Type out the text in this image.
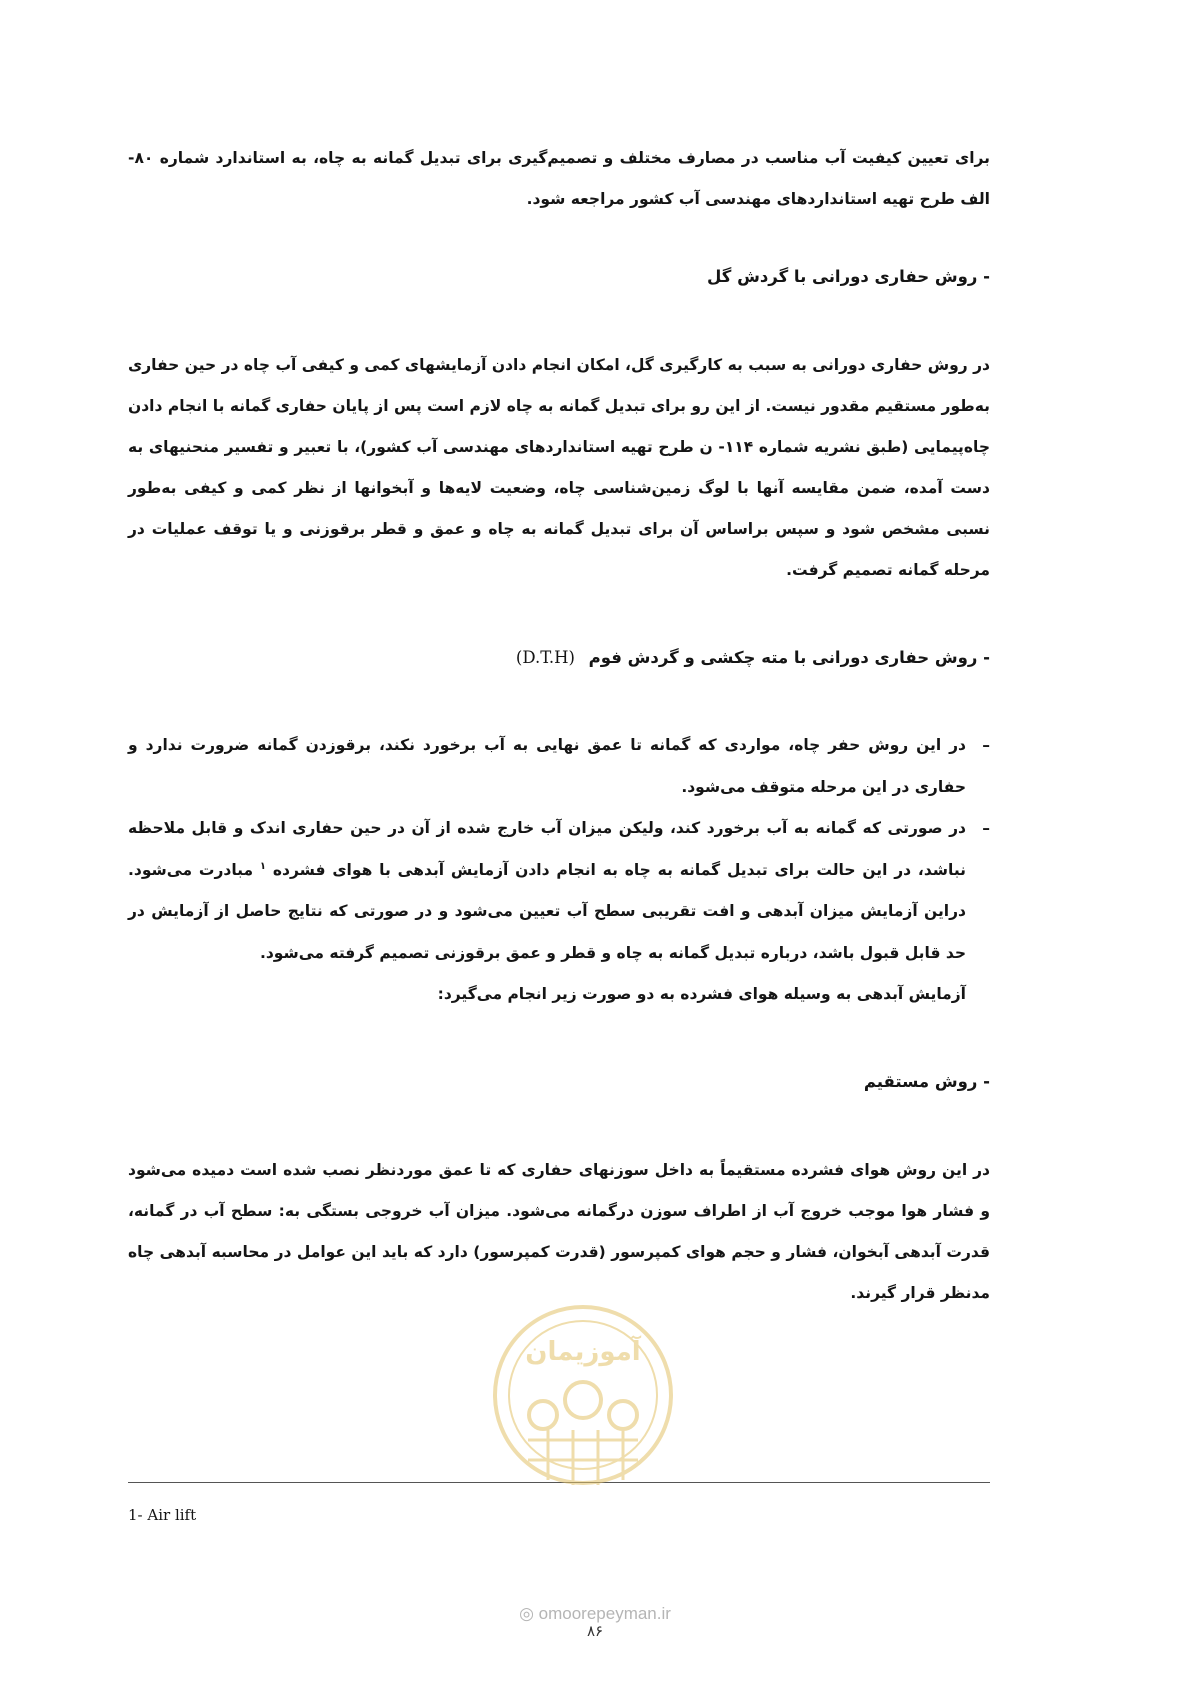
برای تعیین کیفیت آب مناسب در مصارف مختلف و تصمیم‌گیری برای تبدیل گمانه به چاه، به استاندارد شماره ۸۰- الف طرح تهیه استانداردهای مهندسی آب کشور مراجعه شود.
- روش حفاری دورانی با گردش گل
در روش حفاری دورانی به سبب به کارگیری گل، امکان انجام دادن آزمایشهای کمی و کیفی آب چاه در حین حفاری به‌طور مستقیم مقدور نیست. از این رو برای تبدیل گمانه به چاه لازم است پس از پایان حفاری گمانه با انجام دادن چاه‌پیمایی (طبق نشریه شماره ۱۱۴- ن طرح تهیه استانداردهای مهندسی آب کشور)، با تعبیر و تفسیر منحنیهای به دست آمده، ضمن مقایسه آنها با لوگ زمین‌شناسی چاه، وضعیت لایه‌ها و آبخوانها از نظر کمی و کیفی به‌طور نسبی مشخص شود و سپس براساس آن برای تبدیل گمانه به چاه و عمق و قطر برقوزنی و یا توقف عملیات در مرحله گمانه تصمیم گرفت.
- روش حفاری دورانی با مته چکشی و گردش فوم (D.T.H)
–
در این روش حفر چاه، مواردی که گمانه تا عمق نهایی به آب برخورد نکند، برقوزدن گمانه ضرورت ندارد و حفاری در این مرحله متوقف می‌شود.
–
در صورتی که گمانه به آب برخورد کند، ولیکن میزان آب خارج شده از آن در حین حفاری اندک و قابل ملاحظه نباشد، در این حالت برای تبدیل گمانه به چاه به انجام دادن آزمایش آبدهی با هوای فشرده $^۱$ مبادرت می‌شود. دراین آزمایش میزان آبدهی و افت تقریبی سطح آب تعیین می‌شود و در صورتی که نتایج حاصل از آزمایش در حد قابل قبول باشد، درباره تبدیل گمانه به چاه و قطر و عمق برقوزنی تصمیم گرفته می‌شود.
آزمایش آبدهی به وسیله هوای فشرده به دو صورت زیر انجام می‌گیرد:
- روش مستقیم
در این روش هوای فشرده مستقیماً به داخل سوزنهای حفاری که تا عمق موردنظر نصب شده است دمیده می‌شود و فشار هوا موجب خروج آب از اطراف سوزن درگمانه می‌شود. میزان آب خروجی بستگی به: سطح آب در گمانه، قدرت آبدهی آبخوان، فشار و حجم هوای کمپرسور (قدرت کمپرسور) دارد که باید این عوامل در محاسبه آبدهی چاه مدنظر قرار گیرند.
1- Air lift
آموزیمان
◎ omoorepeyman.ir
۸۶
